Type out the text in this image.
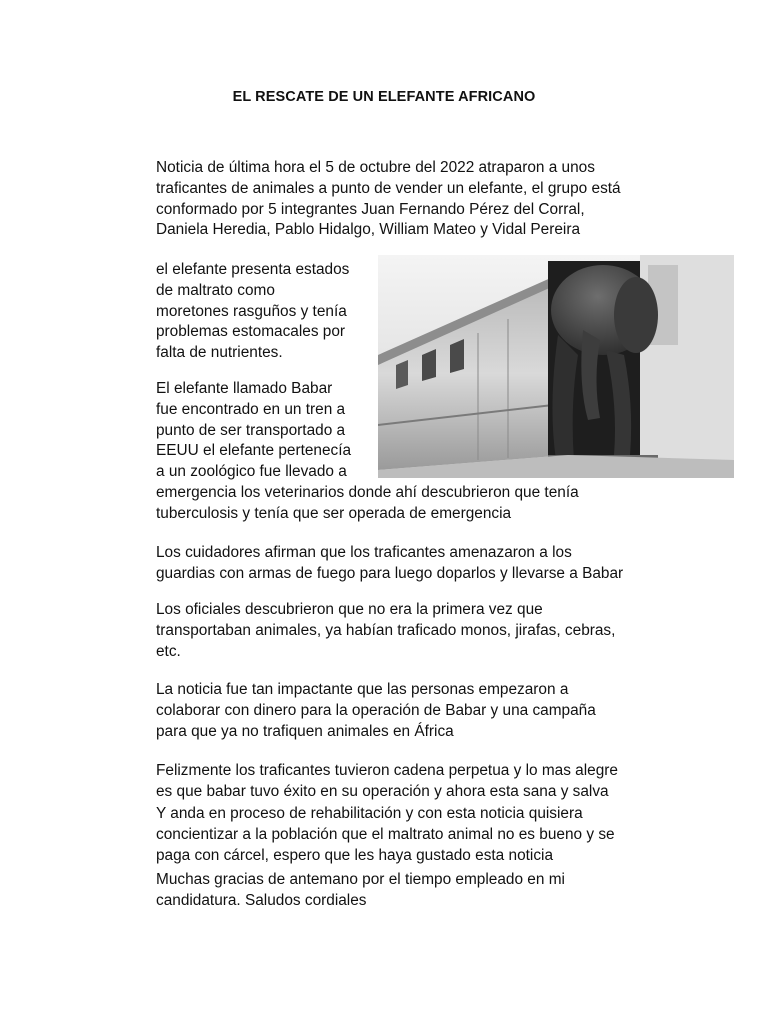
EL RESCATE DE UN ELEFANTE AFRICANO

Noticia de última hora el 5 de octubre del 2022 atraparon a unos
traficantes de animales a punto de vender un elefante, el grupo está
conformado por 5 integrantes Juan Fernando Pérez del Corral,
Daniela Heredia, Pablo Hidalgo, William Mateo y Vidal Pereira

el elefante presenta estados
de maltrato como
moretones rasguños y tenía
problemas estomacales por
falta de nutrientes.

El elefante llamado Babar
fue encontrado en un tren a
punto de ser transportado a
EEUU el elefante pertenecía
a un zoológico fue llevado a
emergencia los veterinarios donde ahí descubrieron que tenía
tuberculosis y tenía que ser operada de emergencia

Los cuidadores afirman que los traficantes amenazaron a los
guardias con armas de fuego para luego doparlos y llevarse a Babar

Los oficiales descubrieron que no era la primera vez que
transportaban animales, ya habían traficado monos, jirafas, cebras,
etc.

La noticia fue tan impactante que las personas empezaron a
colaborar con dinero para la operación de Babar y una campaña
para que ya no trafiquen animales en África

Felizmente los traficantes tuvieron cadena perpetua y lo mas alegre
es que babar tuvo éxito en su operación y ahora esta sana y salva

Y anda en proceso de rehabilitación y con esta noticia quisiera
concientizar a la población que el maltrato animal no es bueno y se
paga con cárcel, espero que les haya gustado esta noticia

Muchas gracias de antemano por el tiempo empleado en mi
candidatura. Saludos cordiales
